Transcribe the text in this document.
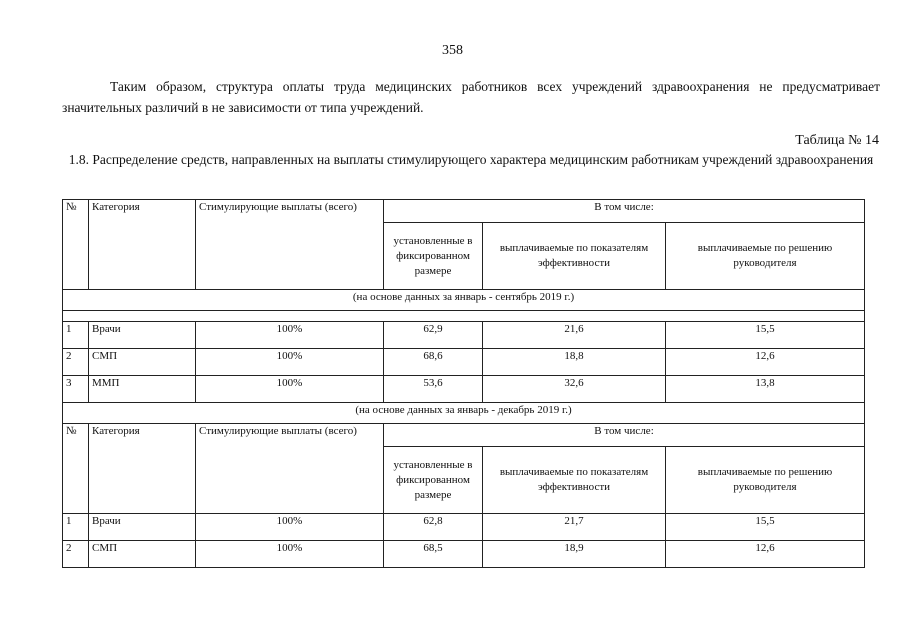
358
Таким образом, структура оплаты труда медицинских работников всех учреждений здравоохранения не предусматривает значительных различий в не зависимости от типа учреждений.
Таблица № 14
1.8. Распределение средств, направленных на выплаты стимулирующего характера медицинским работникам учреждений здравоохранения
№	Категория	Стимулирующие выплаты (всего)	В том числе:		
			установленные в фиксированном размере	выплачиваемые по показателям эффективности	выплачиваемые по решению руководителя
(на основе данных за январь - сентябрь 2019 г.)					

1	Врачи	100%	62,9	21,6	15,5
2	СМП	100%	68,6	18,8	12,6
3	ММП	100%	53,6	32,6	13,8
(на основе данных за январь - декабрь 2019 г.)					
№	Категория	Стимулирующие выплаты (всего)	В том числе:		
			установленные в фиксированном размере	выплачиваемые по показателям эффективности	выплачиваемые по решению руководителя
1	Врачи	100%	62,8	21,7	15,5
2	СМП	100%	68,5	18,9	12,6
